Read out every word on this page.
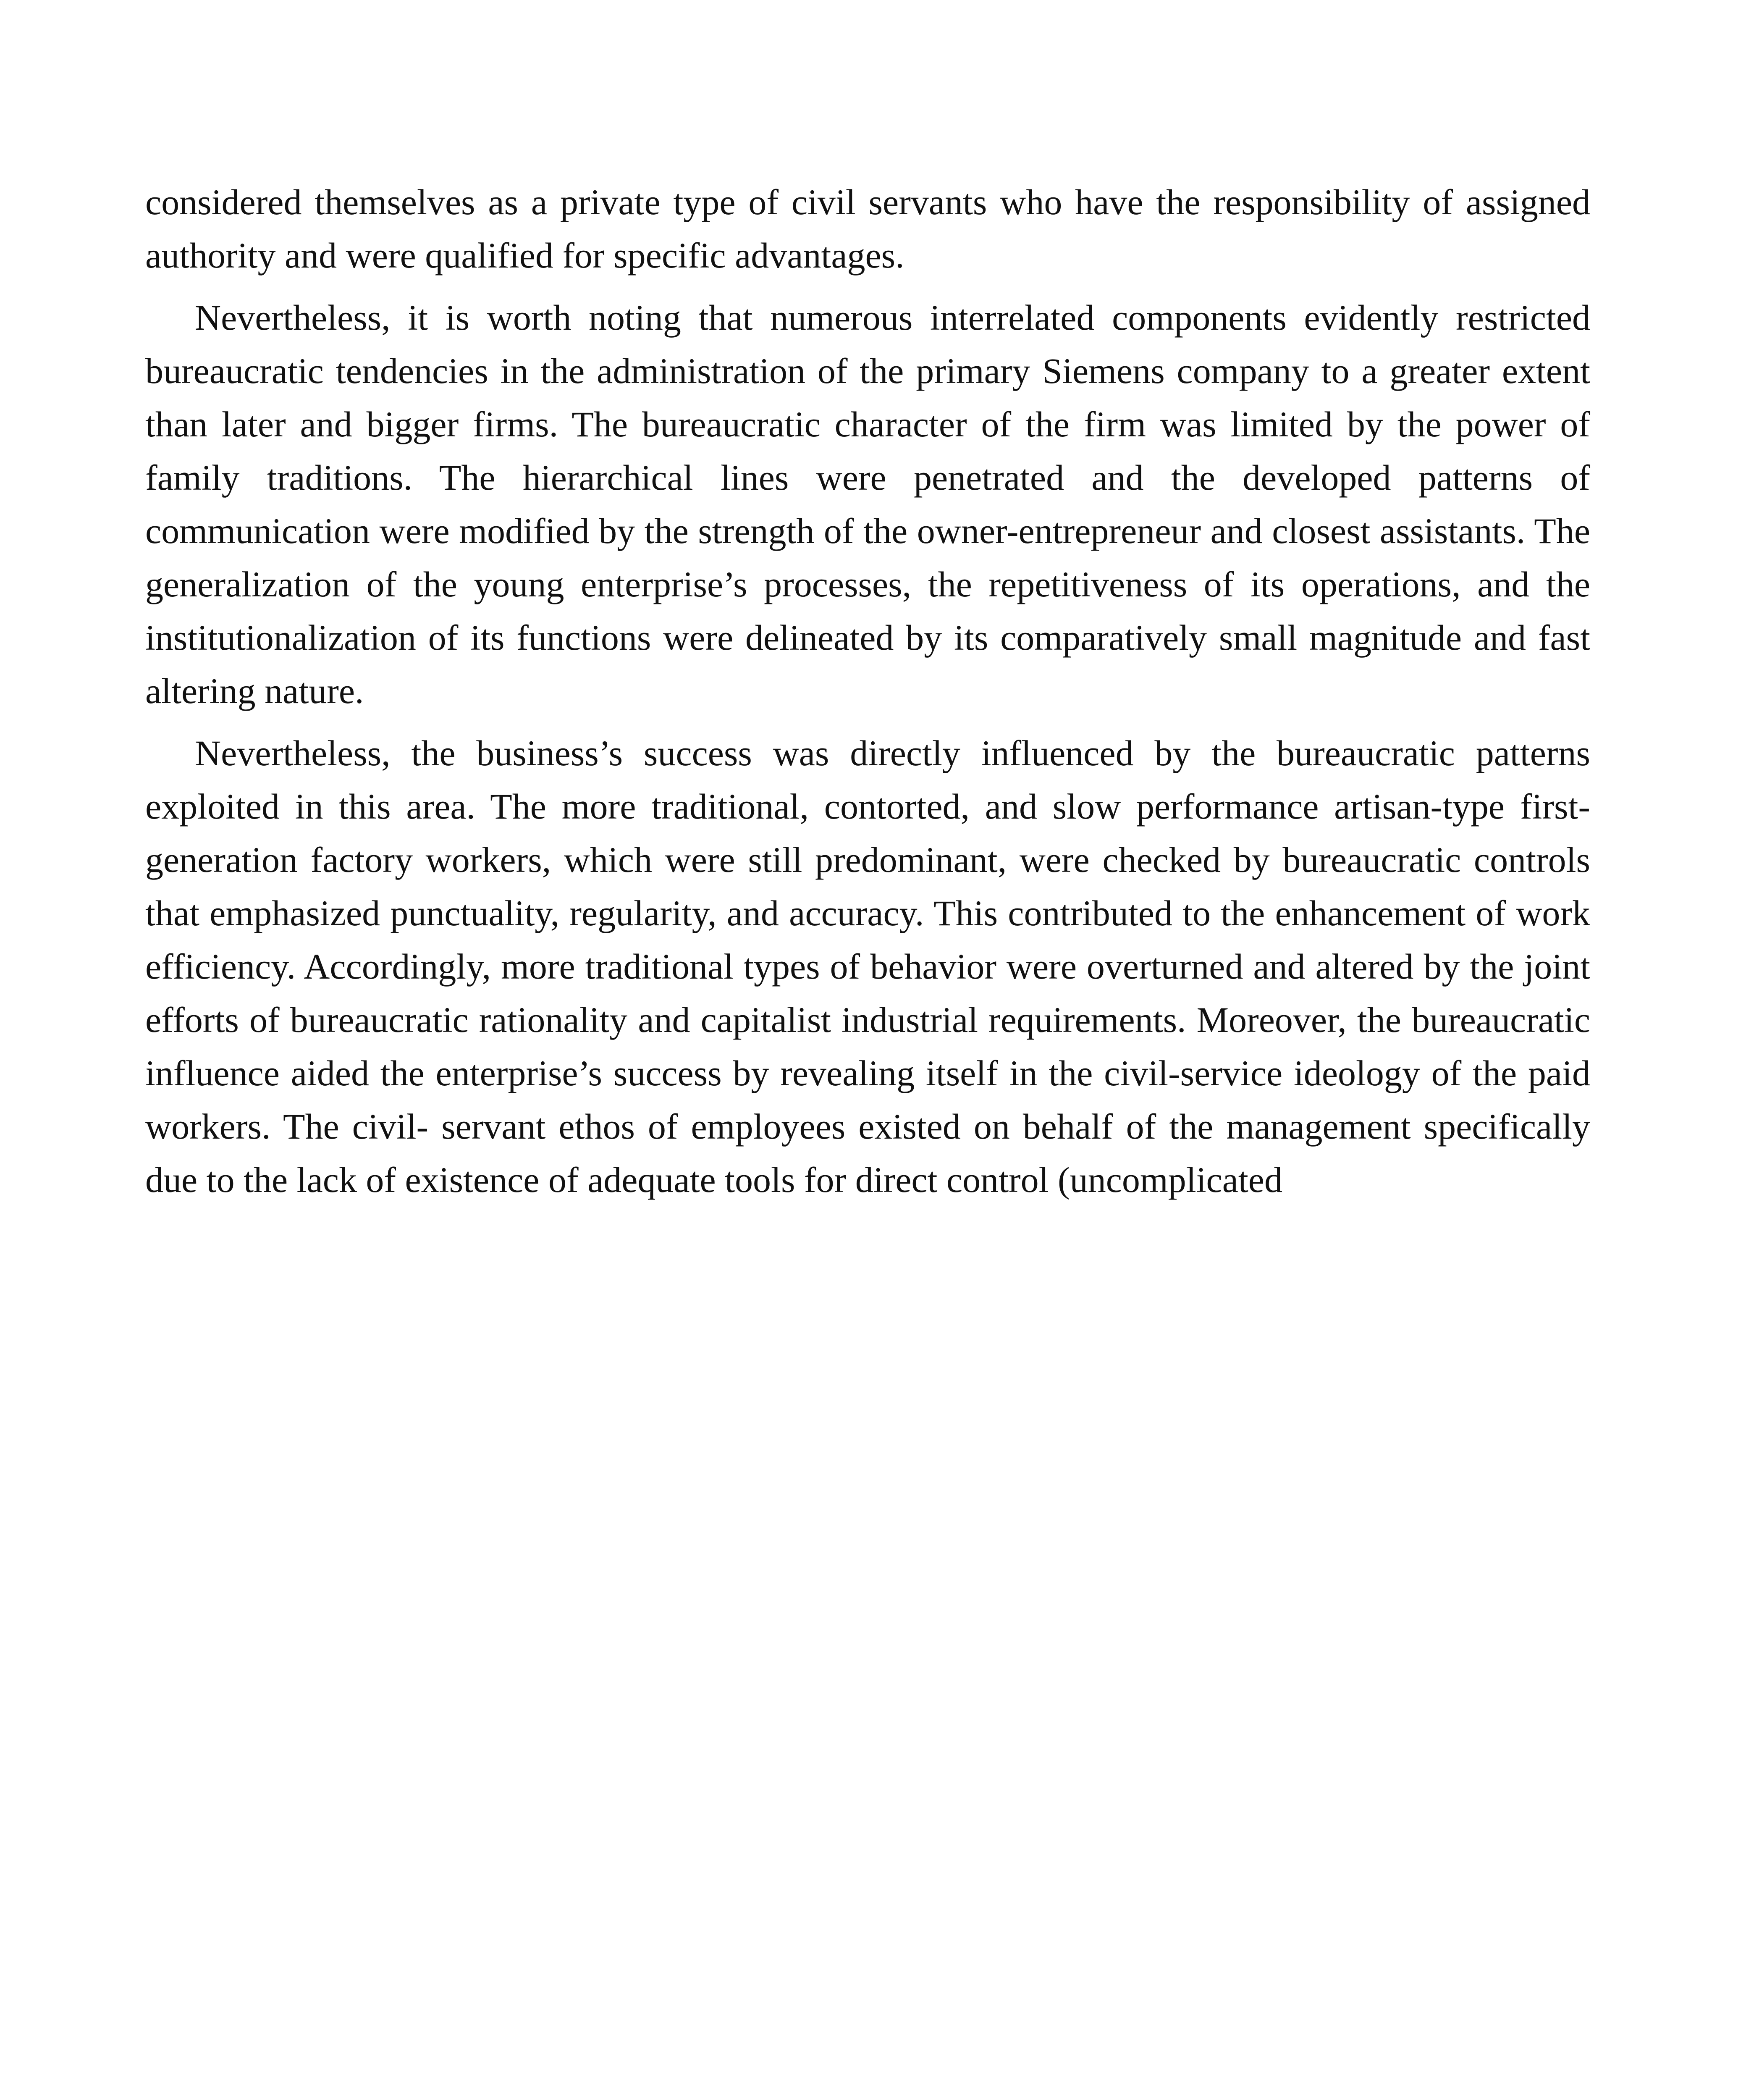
considered themselves as a private type of civil servants who have the responsibility of assigned authority and were qualified for specific advantages.

Nevertheless, it is worth noting that numerous interrelated components evidently restricted bureaucratic tendencies in the administration of the primary Siemens company to a greater extent than later and bigger firms. The bureaucratic character of the firm was limited by the power of family traditions. The hierarchical lines were penetrated and the developed patterns of communication were modified by the strength of the owner-entrepreneur and closest assistants. The generalization of the young enterprise’s processes, the repetitiveness of its operations, and the institutionalization of its functions were delineated by its comparatively small magnitude and fast altering nature.

Nevertheless, the business’s success was directly influenced by the bureaucratic patterns exploited in this area. The more traditional, contorted, and slow performance artisan-type first-generation factory workers, which were still predominant, were checked by bureaucratic controls that emphasized punctuality, regularity, and accuracy. This contributed to the enhancement of work efficiency. Accordingly, more traditional types of behavior were overturned and altered by the joint efforts of bureaucratic rationality and capitalist industrial requirements. Moreover, the bureaucratic influence aided the enterprise’s success by revealing itself in the civil-service ideology of the paid workers. The civil- servant ethos of employees existed on behalf of the management specifically due to the lack of existence of adequate tools for direct control (uncomplicated
